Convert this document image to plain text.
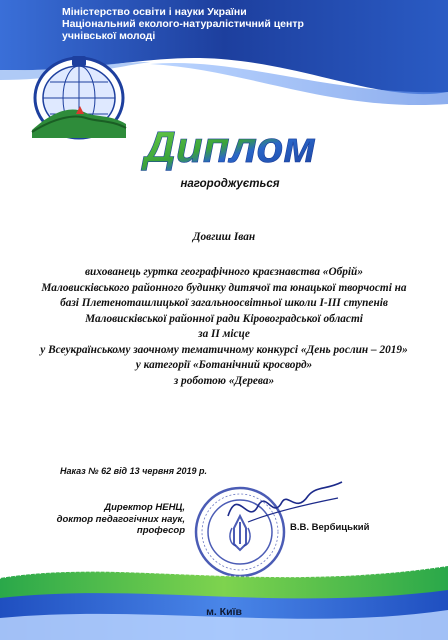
Міністерство освіти і науки України
Національний еколого-натуралістичний центр
учнівської молоді
Диплом
нагороджується
Довгиш Іван
вихованець гуртка географічного краєзнавства «Обрій»
Маловисківського районного будинку дитячої та юнацької творчості на
базі Плетеноташлицької загальноосвітньої школи І-ІІІ ступенів
Маловисківської районної ради Кіровоградської області
за ІІ місце
у Всеукраїнському заочному тематичному конкурсі «День рослин – 2019»
у категорії «Ботанічний кросворд»
з роботою «Дерева»
Наказ № 62 від 13 червня 2019 р.
Директор НЕНЦ,
доктор педагогічних наук,
професор	В.В. Вербицький
м. Київ
